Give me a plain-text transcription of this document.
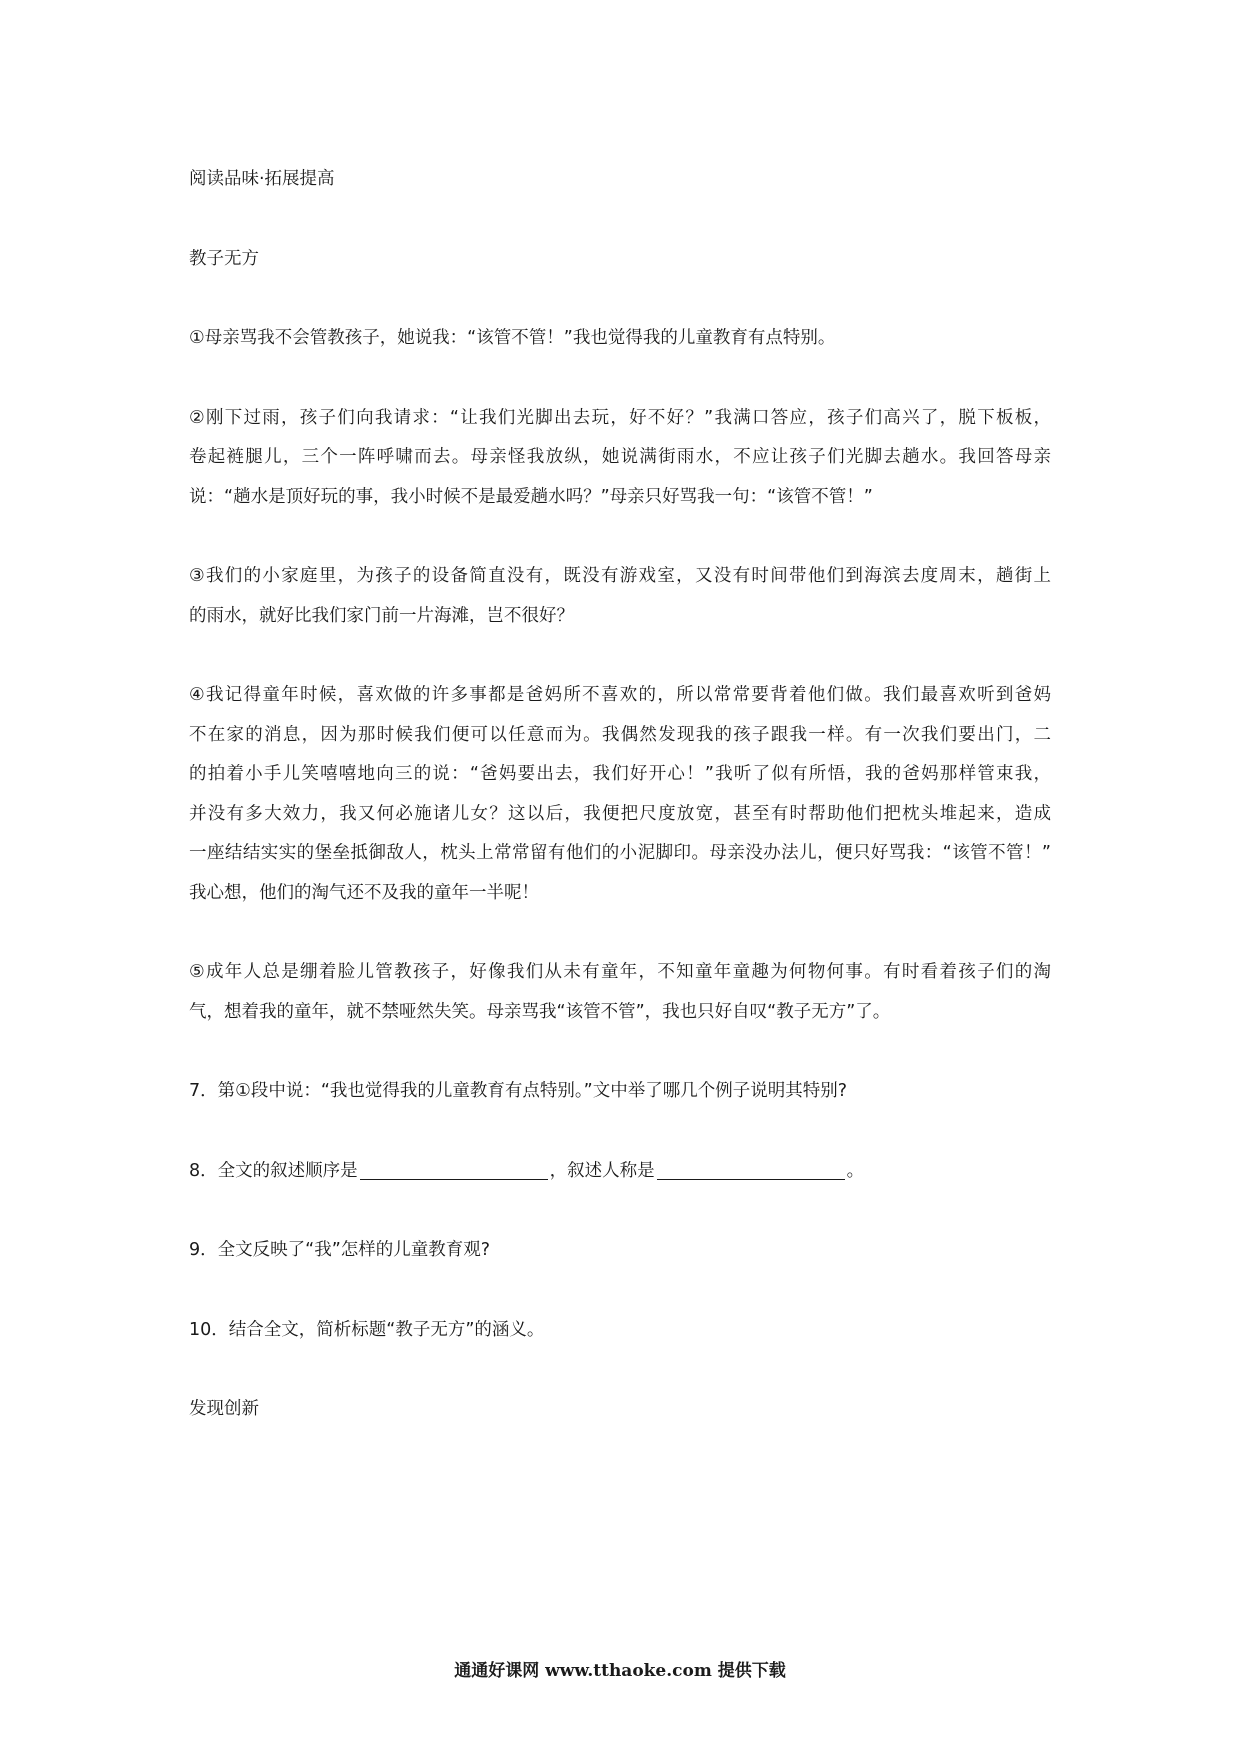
阅读品味·拓展提高

教子无方

①母亲骂我不会管教孩子，她说我：“该管不管！”我也觉得我的儿童教育有点特别。

②刚下过雨，孩子们向我请求：“让我们光脚出去玩，好不好？”我满口答应，孩子们高兴了，脱下板板，

卷起裢腿儿，三个一阵呼啸而去。母亲怪我放纵，她说满街雨水，不应让孩子们光脚去趟水。我回答母亲

说：“趟水是顶好玩的事，我小时候不是最爱趟水吗？”母亲只好骂我一句：“该管不管！”

③我们的小家庭里，为孩子的设备简直没有，既没有游戏室，又没有时间带他们到海滨去度周末，趟街上

的雨水，就好比我们家门前一片海滩，岂不很好？

④我记得童年时候，喜欢做的许多事都是爸妈所不喜欢的，所以常常要背着他们做。我们最喜欢听到爸妈

不在家的消息，因为那时候我们便可以任意而为。我偶然发现我的孩子跟我一样。有一次我们要出门，二

的拍着小手儿笑嘻嘻地向三的说：“爸妈要出去，我们好开心！”我听了似有所悟，我的爸妈那样管束我，

并没有多大效力，我又何必施诸儿女？这以后，我便把尺度放宽，甚至有时帮助他们把枕头堆起来，造成

一座结结实实的堡垒抵御敌人，枕头上常常留有他们的小泥脚印。母亲没办法儿，便只好骂我：“该管不管！”

我心想，他们的淘气还不及我的童年一半呢！

⑤成年人总是绷着脸儿管教孩子，好像我们从未有童年，不知童年童趣为何物何事。有时看着孩子们的淘

气，想着我的童年，就不禁哑然失笑。母亲骂我“该管不管”，我也只好自叹“教子无方”了。

7．第①段中说：“我也觉得我的儿童教育有点特别。”文中举了哪几个例子说明其特别?

8．全文的叙述顺序是	，叙述人称是	。

9．全文反映了“我”怎样的儿童教育观?

10．结合全文，简析标题“教子无方”的涵义。

发现创新

通通好课网 www.tthaoke.com 提供下载
